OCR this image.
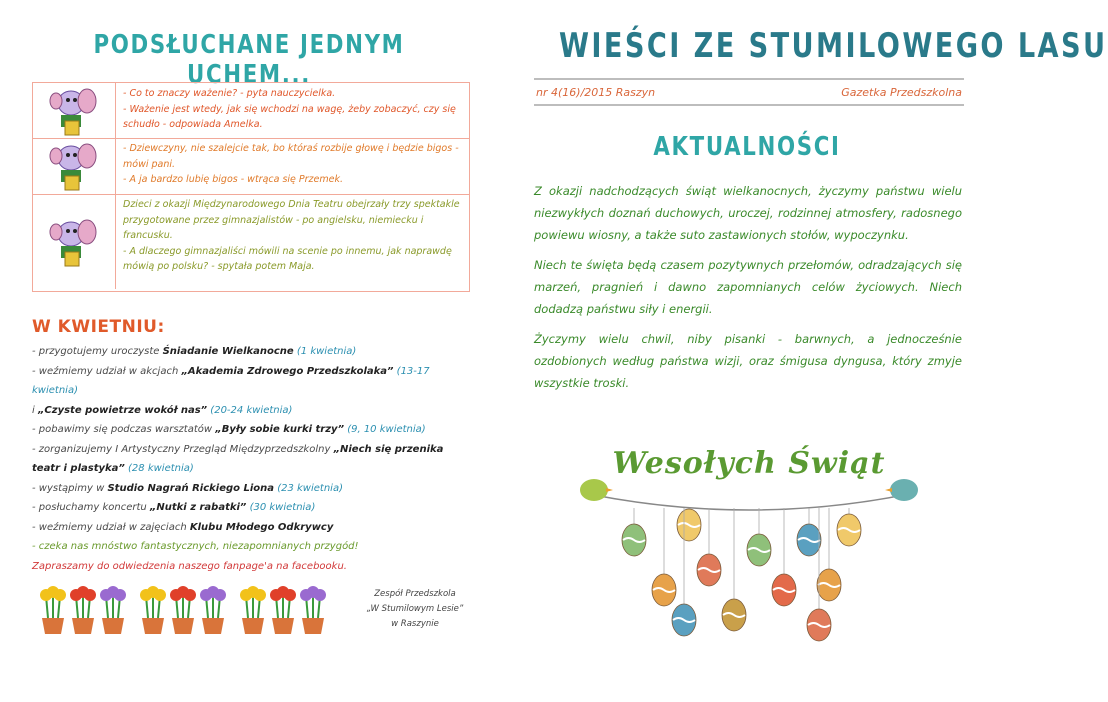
PODSŁUCHANE JEDNYM UCHEM...

- Co to znaczy ważenie? - pyta nauczycielka.

- Ważenie jest wtedy, jak się wchodzi na wagę, żeby zobaczyć, czy się schudło - odpowiada Amelka.

- Dziewczyny, nie szalejcie tak, bo któraś rozbije głowę i będzie bigos - mówi pani.

- A ja bardzo lubię bigos - wtrąca się Przemek.

Dzieci z okazji Międzynarodowego Dnia Teatru obejrzały trzy spektakle przygotowane przez gimnazjalistów - po angielsku, niemiecku i francusku.

- A dlaczego gimnazjaliści mówili na scenie po innemu, jak naprawdę mówią po polsku? - spytała potem Maja.

W KWIETNIU:

- przygotujemy uroczyste Śniadanie Wielkanocne (1 kwietnia)

- weźmiemy udział w akcjach „Akademia Zdrowego Przedszkolaka” (13-17 kwietnia)

i „Czyste powietrze wokół nas” (20-24 kwietnia)

- pobawimy się podczas warsztatów „Były sobie kurki trzy” (9, 10 kwietnia)

- zorganizujemy I Artystyczny Przegląd Międzyprzedszkolny „Niech się przenika teatr i plastyka” (28 kwietnia)

- wystąpimy w Studio Nagrań Rickiego Liona (23 kwietnia)

- posłuchamy koncertu „Nutki z rabatki” (30 kwietnia)

- weźmiemy udział w zajęciach Klubu Młodego Odkrywcy

- czeka nas mnóstwo fantastycznych, niezapomnianych przygód!

Zapraszamy do odwiedzenia naszego fanpage'a na facebooku.

Zespół Przedszkola
„W Stumilowym Lesie”
w Raszynie
WIEŚCI ZE STUMILOWEGO LASU
nr 4(16)/2015 Raszyn	Gazetka Przedszkolna
AKTUALNOŚCI

Z okazji nadchodzących świąt wielkanocnych, życzymy państwu wielu niezwykłych doznań duchowych, uroczej, rodzinnej atmosfery, radosnego powiewu wiosny, a także suto zastawionych stołów, wypoczynku.

Niech te święta będą czasem pozytywnych przełomów, odradzających się marzeń, pragnień i dawno zapomnianych celów życiowych. Niech dodadzą państwu siły i energii.

Życzymy wielu chwil, niby pisanki - barwnych, a jednocześnie ozdobionych według państwa wizji, oraz śmigusa dyngusa, który zmyje wszystkie troski.

Wesołych Świąt
